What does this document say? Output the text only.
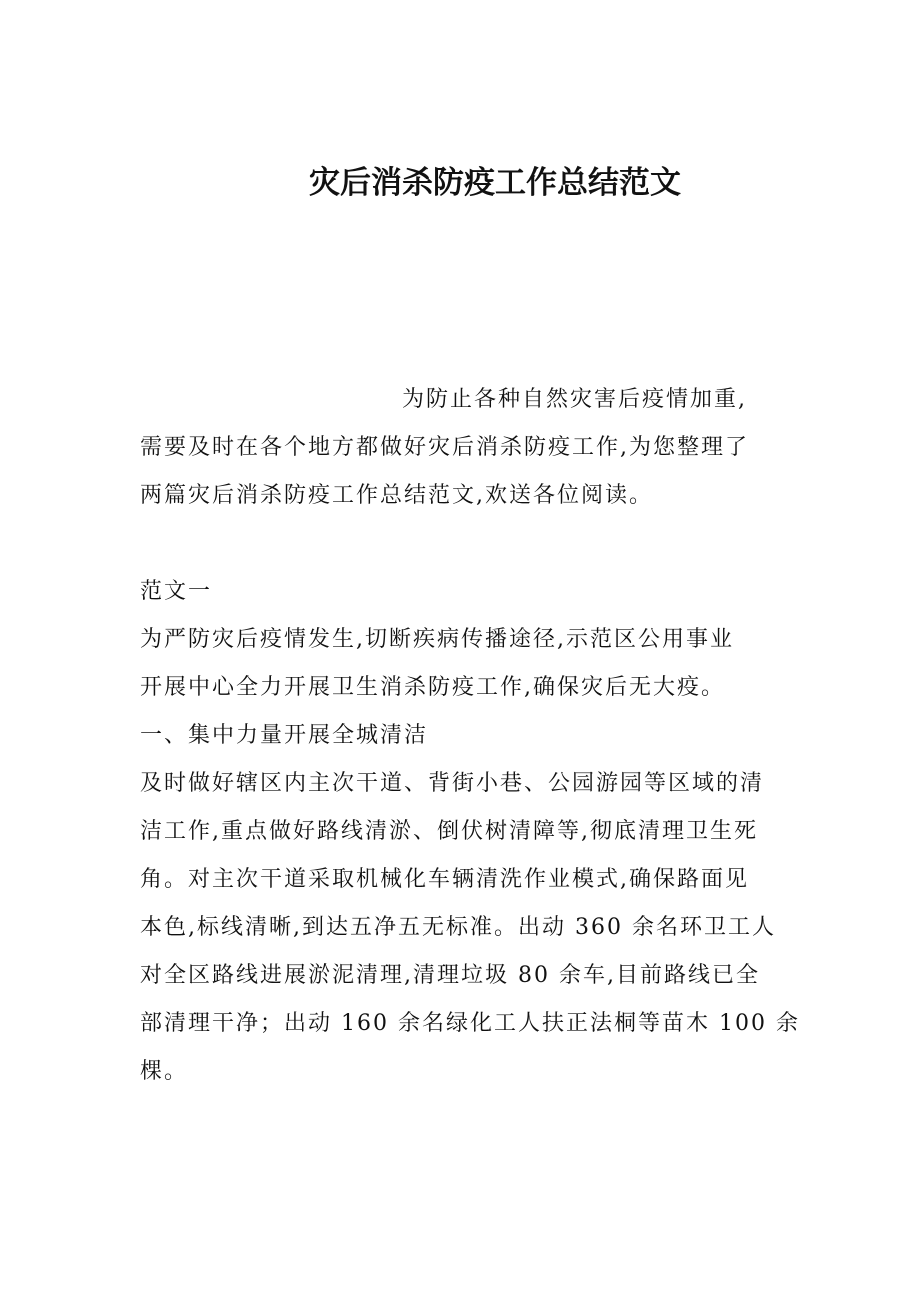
灾后消杀防疫工作总结范文
为防止各种自然灾害后疫情加重,
需要及时在各个地方都做好灾后消杀防疫工作,为您整理了
两篇灾后消杀防疫工作总结范文,欢送各位阅读。
范文一
为严防灾后疫情发生,切断疾病传播途径,示范区公用事业
开展中心全力开展卫生消杀防疫工作,确保灾后无大疫。
一、集中力量开展全城清洁
及时做好辖区内主次干道、背街小巷、公园游园等区域的清
洁工作,重点做好路线清淤、倒伏树清障等,彻底清理卫生死
角。对主次干道采取机械化车辆清洗作业模式,确保路面见
本色,标线清晰,到达五净五无标准。出动 360 余名环卫工人
对全区路线进展淤泥清理,清理垃圾 80 余车,目前路线已全
部清理干净；出动 160 余名绿化工人扶正法桐等苗木 100 余
棵。
